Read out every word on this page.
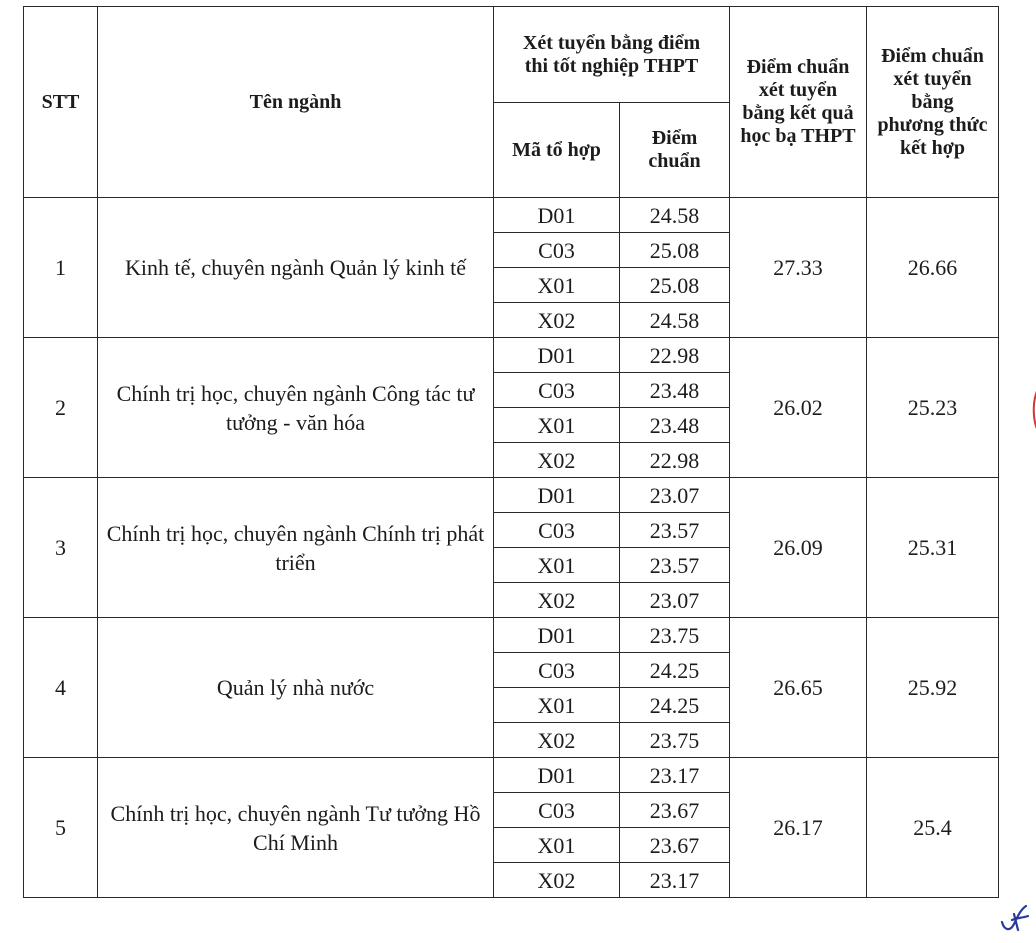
STT	Tên ngành	Xét tuyển bằng điểm thi tốt nghiệp THPT		Điểm chuẩn xét tuyển bằng kết quả học bạ THPT	Điểm chuẩn xét tuyển bằng phương thức kết hợp
		Mã tổ hợp	Điểm chuẩn		
1	Kinh tế, chuyên ngành Quản lý kinh tế	D01	24.58	27.33	26.66
		C03	25.08		
		X01	25.08		
		X02	24.58		
2	Chính trị học, chuyên ngành Công tác tư tưởng - văn hóa	D01	22.98	26.02	25.23
		C03	23.48		
		X01	23.48		
		X02	22.98		
3	Chính trị học, chuyên ngành Chính trị phát triển	D01	23.07	26.09	25.31
		C03	23.57		
		X01	23.57		
		X02	23.07		
4	Quản lý nhà nước	D01	23.75	26.65	25.92
		C03	24.25		
		X01	24.25		
		X02	23.75		
5	Chính trị học, chuyên ngành Tư tưởng Hồ Chí Minh	D01	23.17	26.17	25.4
		C03	23.67		
		X01	23.67		
		X02	23.17		
